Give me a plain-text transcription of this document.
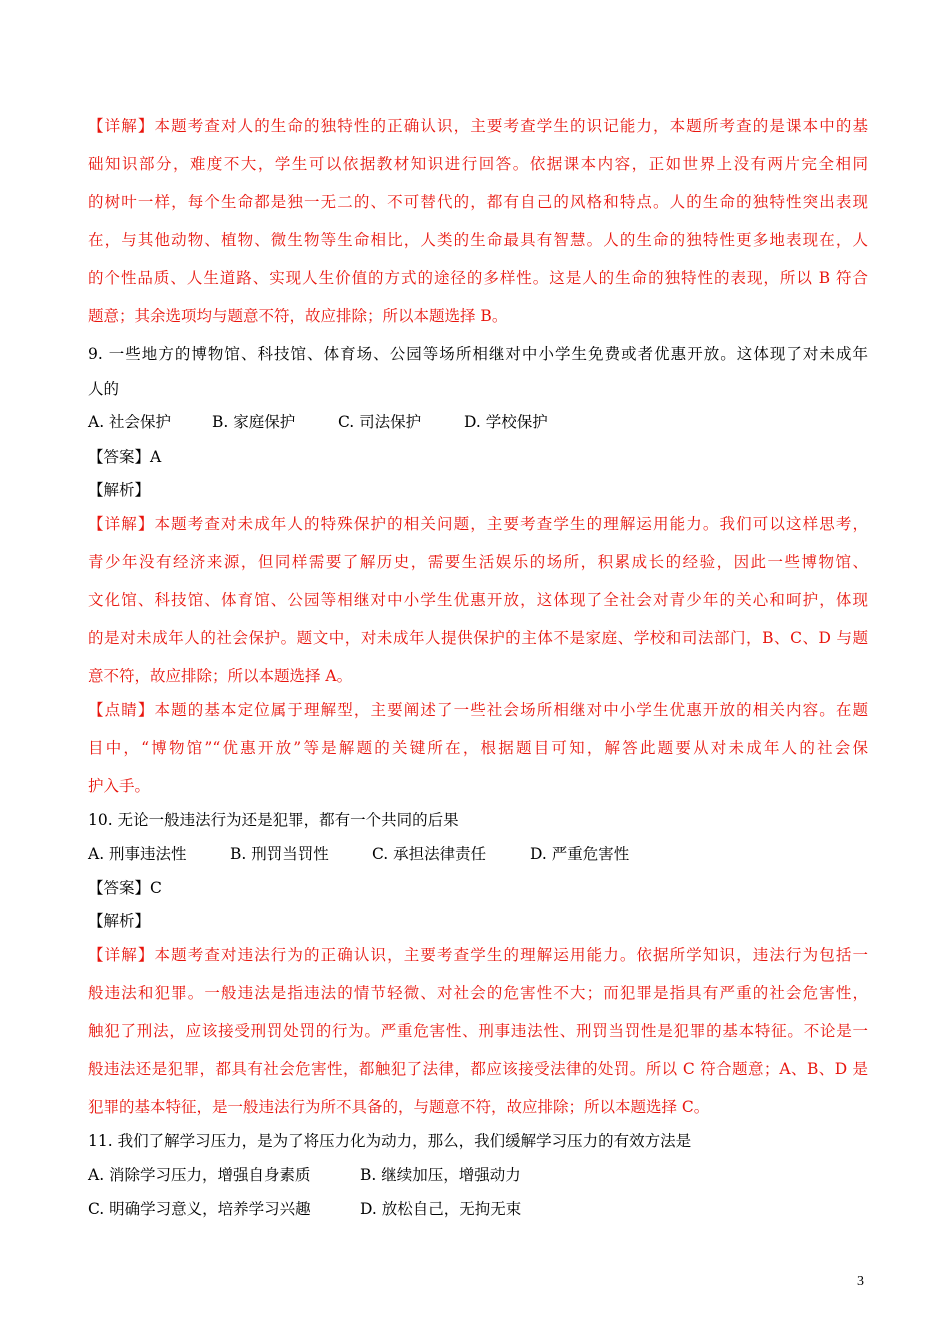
【详解】本题考查对人的生命的独特性的正确认识，主要考查学生的识记能力，本题所考查的是课本中的基
础知识部分，难度不大，学生可以依据教材知识进行回答。依据课本内容，正如世界上没有两片完全相同
的树叶一样，每个生命都是独一无二的、不可替代的，都有自己的风格和特点。人的生命的独特性突出表现
在，与其他动物、植物、微生物等生命相比，人类的生命最具有智慧。人的生命的独特性更多地表现在，人
的个性品质、人生道路、实现人生价值的方式的途径的多样性。这是人的生命的独特性的表现，所以 B 符合
题意；其余选项均与题意不符，故应排除；所以本题选择 B。
9. 一些地方的博物馆、科技馆、体育场、公园等场所相继对中小学生免费或者优惠开放。这体现了对未成年
人的
A. 社会保护	B. 家庭保护	C. 司法保护	D. 学校保护
【答案】A
【解析】
【详解】本题考查对未成年人的特殊保护的相关问题，主要考查学生的理解运用能力。我们可以这样思考，
青少年没有经济来源，但同样需要了解历史，需要生活娱乐的场所，积累成长的经验，因此一些博物馆、
文化馆、科技馆、体育馆、公园等相继对中小学生优惠开放，这体现了全社会对青少年的关心和呵护，体现
的是对未成年人的社会保护。题文中，对未成年人提供保护的主体不是家庭、学校和司法部门，B、C、D 与题
意不符，故应排除；所以本题选择 A。
【点睛】本题的基本定位属于理解型，主要阐述了一些社会场所相继对中小学生优惠开放的相关内容。在题
目中，“博物馆”“优惠开放”等是解题的关键所在，根据题目可知，解答此题要从对未成年人的社会保
护入手。
10. 无论一般违法行为还是犯罪，都有一个共同的后果
A. 刑事违法性	B. 刑罚当罚性	C. 承担法律责任	D. 严重危害性
【答案】C
【解析】
【详解】本题考查对违法行为的正确认识，主要考查学生的理解运用能力。依据所学知识，违法行为包括一
般违法和犯罪。一般违法是指违法的情节轻微、对社会的危害性不大；而犯罪是指具有严重的社会危害性，
触犯了刑法，应该接受刑罚处罚的行为。严重危害性、刑事违法性、刑罚当罚性是犯罪的基本特征。不论是一
般违法还是犯罪，都具有社会危害性，都触犯了法律，都应该接受法律的处罚。所以 C 符合题意；A、B、D 是
犯罪的基本特征，是一般违法行为所不具备的，与题意不符，故应排除；所以本题选择 C。
11. 我们了解学习压力，是为了将压力化为动力，那么，我们缓解学习压力的有效方法是
A. 消除学习压力，增强自身素质	B. 继续加压，增强动力
C. 明确学习意义，培养学习兴趣	D. 放松自己，无拘无束
3
